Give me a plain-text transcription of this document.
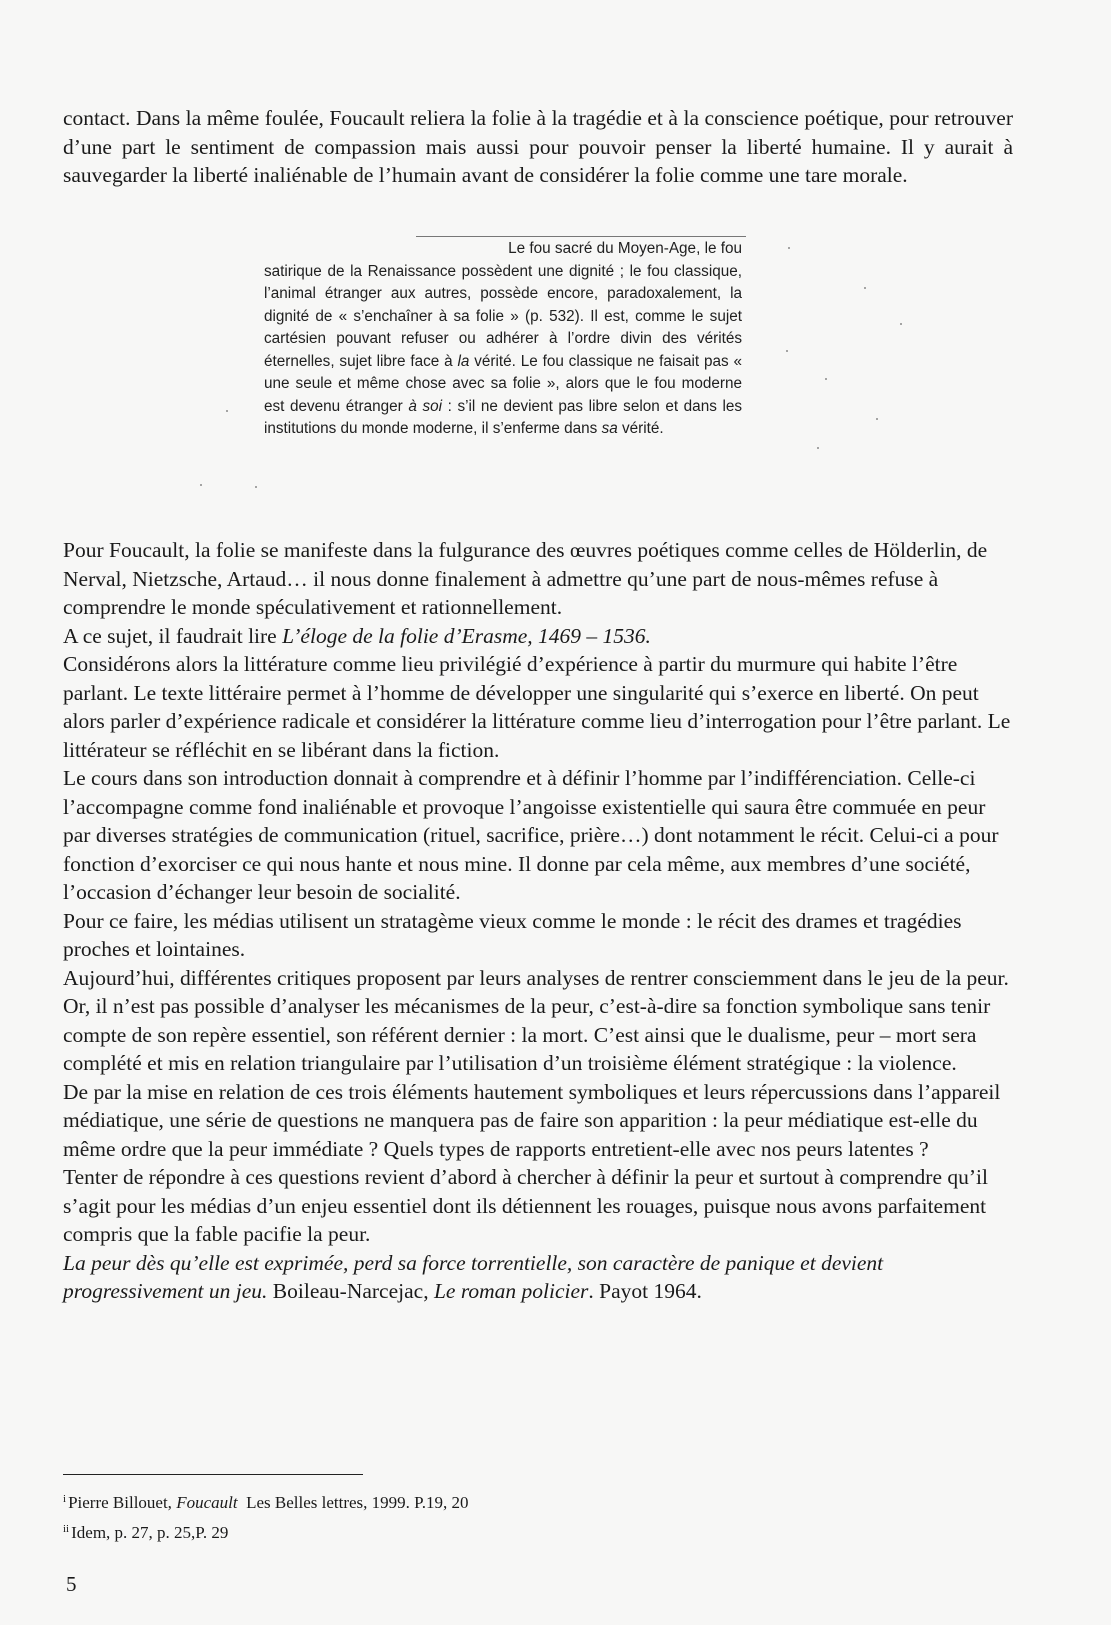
contact. Dans la même foulée, Foucault reliera la folie à la tragédie et à la conscience poétique, pour retrouver d’une part le sentiment de compassion mais aussi pour pouvoir penser la liberté humaine. Il y aurait à sauvegarder la liberté inaliénable de l’humain avant de considérer la folie comme une tare morale.

Le fou sacré du Moyen-Age, le fou
satirique de la Renaissance possèdent une dignité ; le fou classique, l’animal étranger aux autres, possède encore, paradoxalement, la dignité de « s’enchaîner à sa folie » (p. 532). Il est, comme le sujet cartésien pouvant refuser ou adhérer à l’ordre divin des vérités éternelles, sujet libre face à la vérité. Le fou classique ne faisait pas « une seule et même chose avec sa folie », alors que le fou moderne est devenu étranger à soi : s’il ne devient pas libre selon et dans les institutions du monde moderne, il s’enferme dans sa vérité.

Pour Foucault, la folie se manifeste dans la fulgurance des œuvres poétiques comme celles de Hölderlin, de Nerval, Nietzsche, Artaud… il nous donne finalement à admettre qu’une part de nous-mêmes refuse à comprendre le monde spéculativement et rationnellement.

A ce sujet, il faudrait lire L’éloge de la folie d’Erasme, 1469 – 1536.

Considérons alors la littérature comme lieu privilégié d’expérience à partir du murmure qui habite l’être parlant. Le texte littéraire permet à l’homme de développer une singularité qui s’exerce en liberté. On peut alors parler d’expérience radicale et considérer la littérature comme lieu d’interrogation pour l’être parlant. Le littérateur se réfléchit en se libérant dans la fiction.

Le cours dans son introduction donnait à comprendre et à définir l’homme par l’indifférenciation. Celle-ci l’accompagne comme fond inaliénable et provoque l’angoisse existentielle qui saura être commuée en peur par diverses stratégies de communication (rituel, sacrifice, prière…) dont notamment le récit. Celui-ci a pour fonction d’exorciser ce qui nous hante et nous mine. Il donne par cela même, aux membres d’une société, l’occasion d’échanger leur besoin de socialité.

Pour ce faire, les médias utilisent un stratagème vieux comme le monde : le récit des drames et tragédies proches et lointaines.

Aujourd’hui, différentes critiques proposent par leurs analyses de rentrer consciemment dans le jeu de la peur. Or, il n’est pas possible d’analyser les mécanismes de la peur, c’est-à-dire sa fonction symbolique sans tenir compte de son repère essentiel, son référent dernier : la mort. C’est ainsi que le dualisme, peur – mort sera complété et mis en relation triangulaire par l’utilisation d’un troisième élément stratégique : la violence.

De par la mise en relation de ces trois éléments hautement symboliques et leurs répercussions dans l’appareil médiatique, une série de questions ne manquera pas de faire son apparition : la peur médiatique est-elle du même ordre que la peur immédiate ? Quels types de rapports entretient-elle avec nos peurs latentes ?

Tenter de répondre à ces questions revient d’abord à chercher à définir la peur et surtout à comprendre qu’il s’agit pour les médias d’un enjeu essentiel dont ils détiennent les rouages, puisque nous avons parfaitement compris que la fable pacifie la peur.

La peur dès qu’elle est exprimée, perd sa force torrentielle, son caractère de panique et devient progressivement un jeu. Boileau-Narcejac, Le roman policier. Payot 1964.

$^i$ Pierre Billouet, Foucault  Les Belles lettres, 1999. P.19, 20
$^{ii}$ Idem, p. 27, p. 25,P. 29
5
